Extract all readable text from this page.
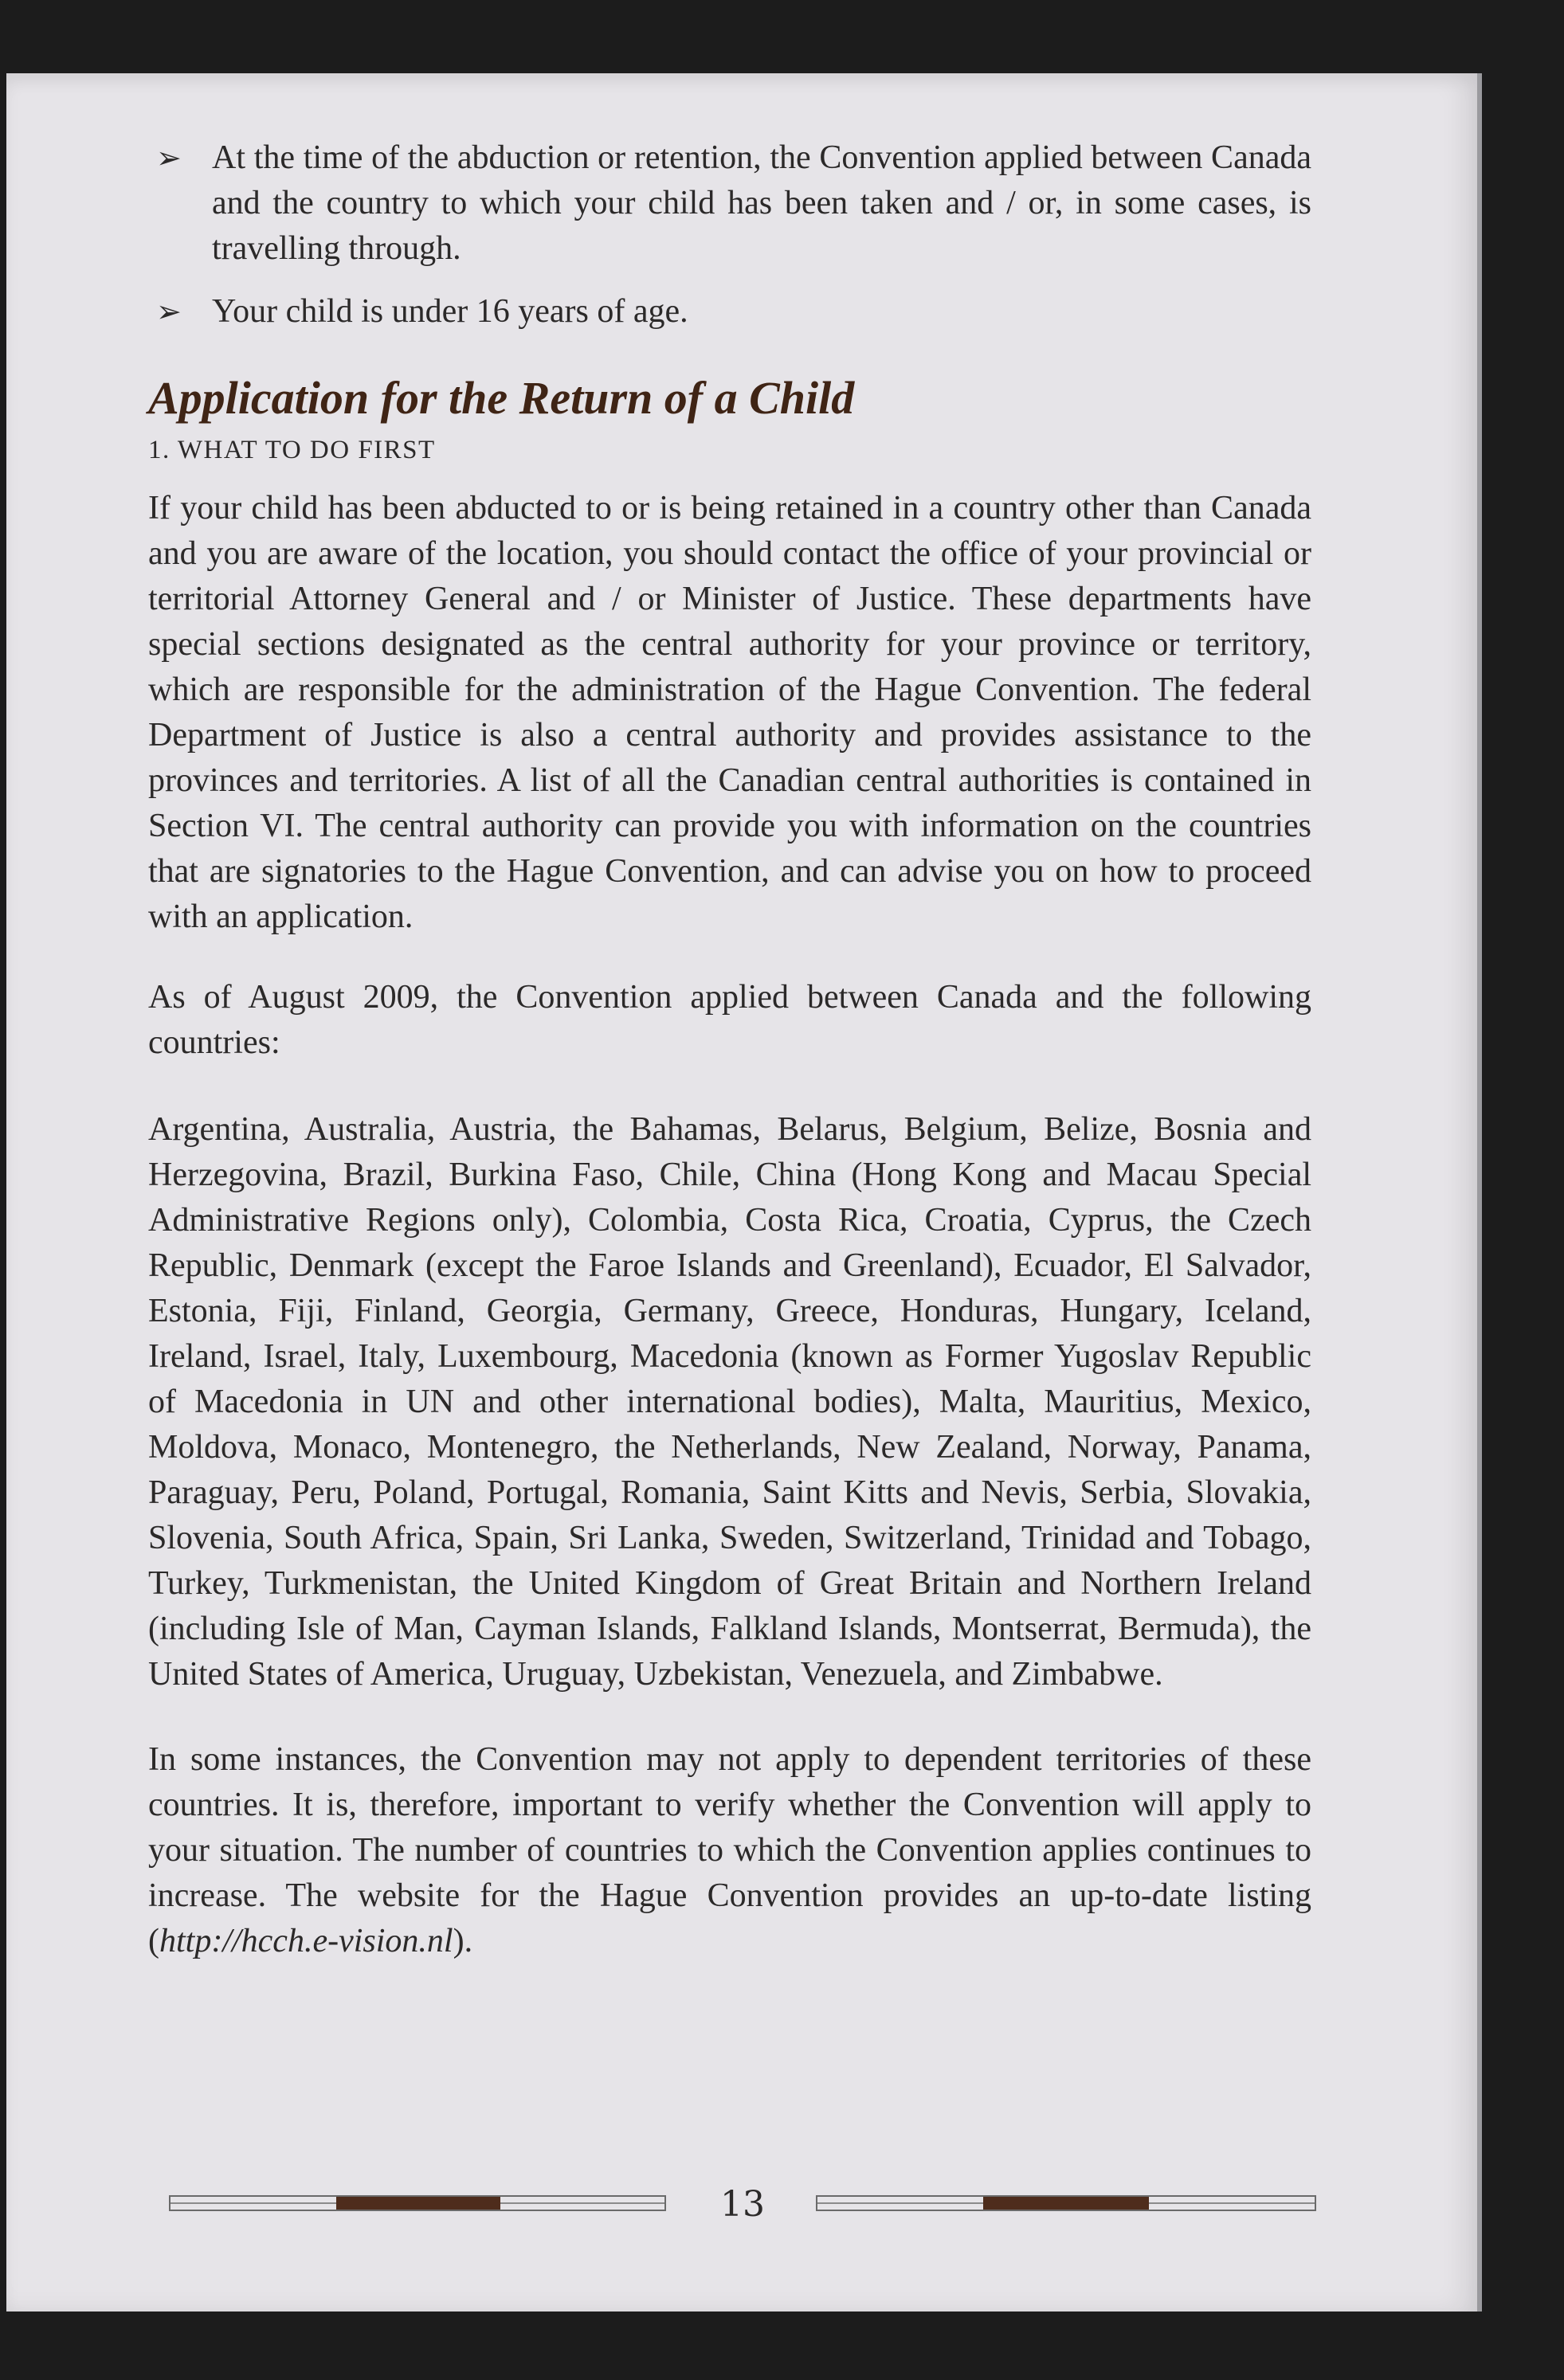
➢ At the time of the abduction or retention, the Convention applied between Canada and the country to which your child has been taken and / or, in some cases, is travelling through.
➢ Your child is under 16 years of age.
Application for the Return of a Child
1. WHAT TO DO FIRST

If your child has been abducted to or is being retained in a country other than Canada and you are aware of the location, you should contact the office of your provincial or territorial Attorney General and / or Minister of Justice. These departments have special sections designated as the central authority for your province or territory, which are responsible for the administration of the Hague Convention. The federal Department of Justice is also a central authority and provides assistance to the provinces and territories. A list of all the Canadian central authorities is contained in Section VI. The central authority can provide you with information on the countries that are signatories to the Hague Convention, and can advise you on how to proceed with an application.

As of August 2009, the Convention applied between Canada and the following countries:

Argentina, Australia, Austria, the Bahamas, Belarus, Belgium, Belize, Bosnia and Herzegovina, Brazil, Burkina Faso, Chile, China (Hong Kong and Macau Special Administrative Regions only), Colombia, Costa Rica, Croatia, Cyprus, the Czech Republic, Denmark (except the Faroe Islands and Greenland), Ecuador, El Salvador, Estonia, Fiji, Finland, Georgia, Germany, Greece, Honduras, Hungary, Iceland, Ireland, Israel, Italy, Luxembourg, Macedonia (known as Former Yugoslav Republic of Macedonia in UN and other international bodies), Malta, Mauritius, Mexico, Moldova, Monaco, Montenegro, the Netherlands, New Zealand, Norway, Panama, Paraguay, Peru, Poland, Portugal, Romania, Saint Kitts and Nevis, Serbia, Slovakia, Slovenia, South Africa, Spain, Sri Lanka, Sweden, Switzerland, Trinidad and Tobago, Turkey, Turkmenistan, the United Kingdom of Great Britain and Northern Ireland (including Isle of Man, Cayman Islands, Falkland Islands, Montserrat, Bermuda), the United States of America, Uruguay, Uzbekistan, Venezuela, and Zimbabwe.

In some instances, the Convention may not apply to dependent territories of these countries. It is, therefore, important to verify whether the Convention will apply to your situation. The number of countries to which the Convention applies continues to increase. The website for the Hague Convention provides an up-to-date listing (http://hcch.e-vision.nl).

13
